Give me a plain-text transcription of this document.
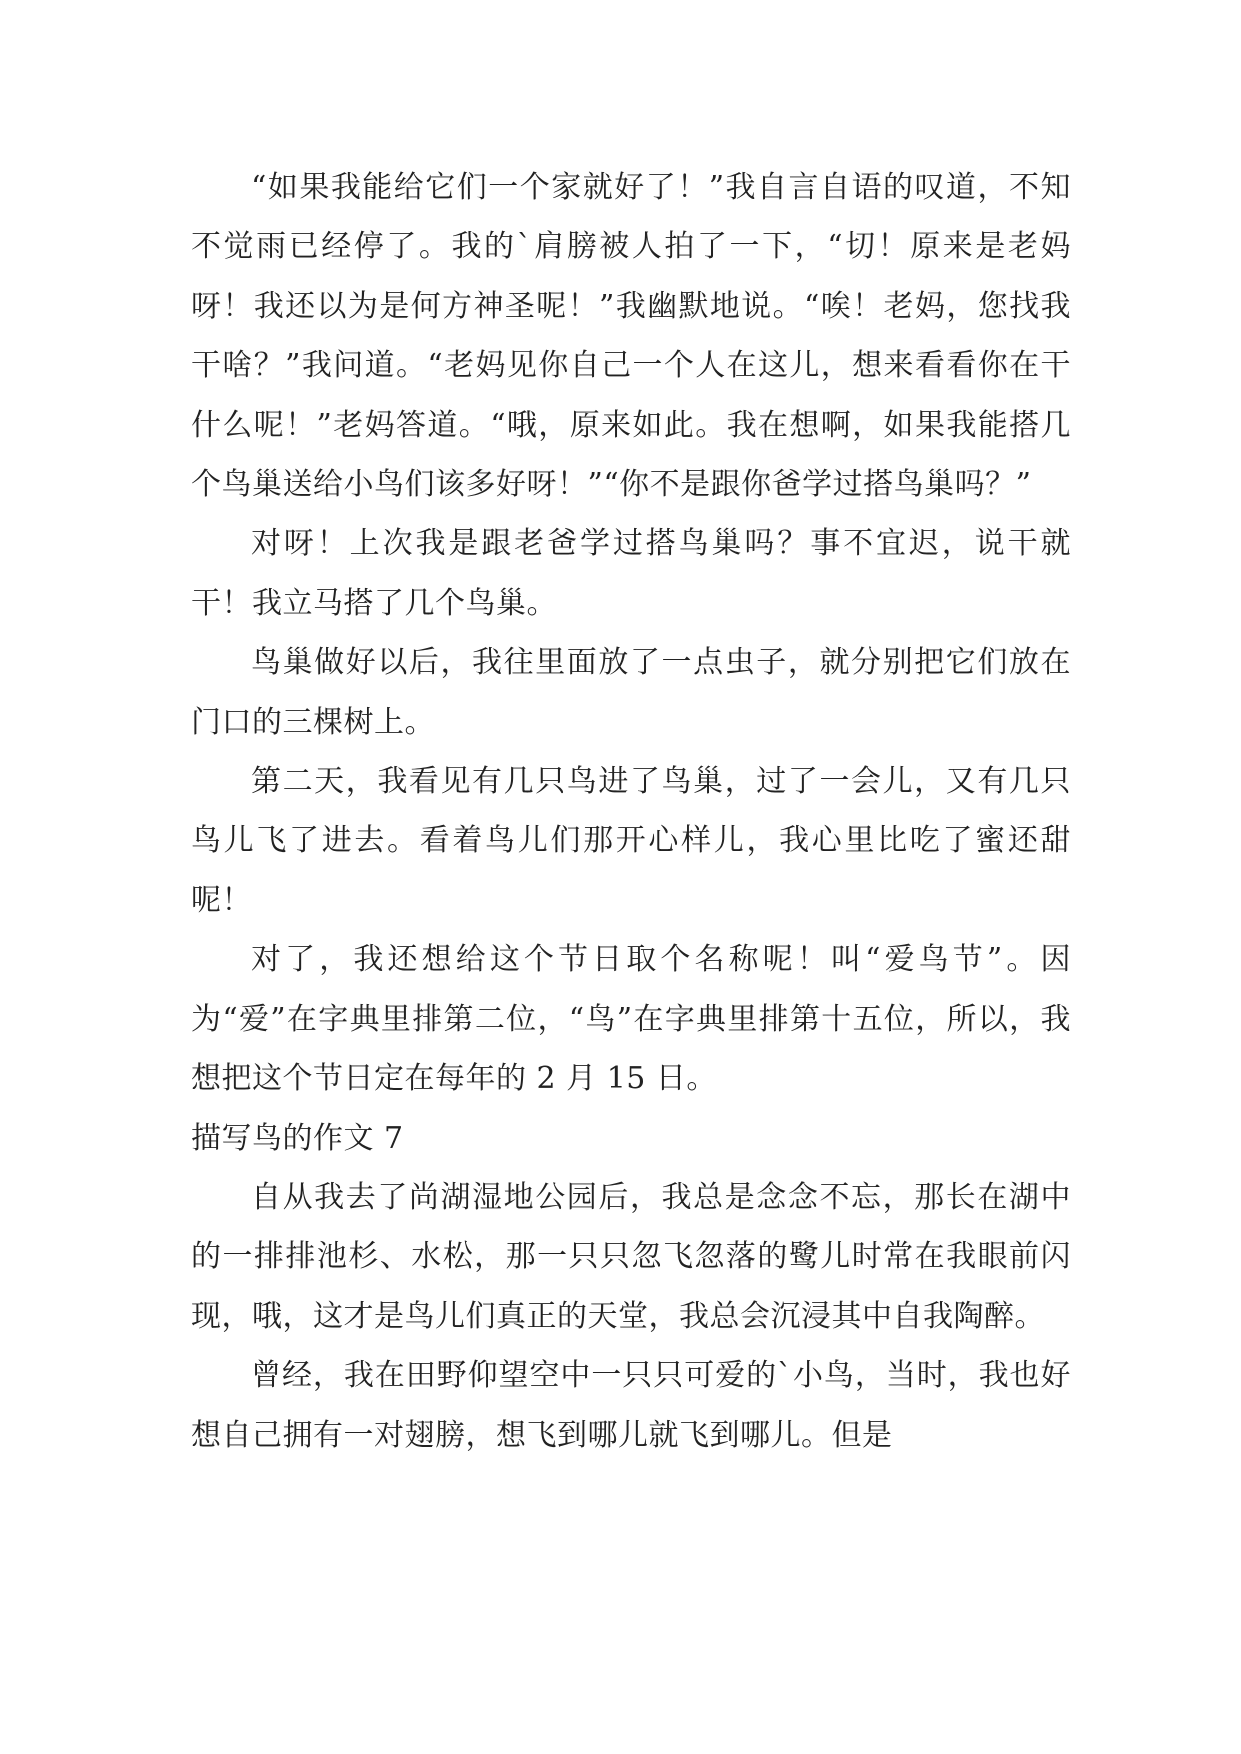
“如果我能给它们一个家就好了！”我自言自语的叹道，不知不觉雨已经停了。我的`肩膀被人拍了一下，“切！原来是老妈呀！我还以为是何方神圣呢！”我幽默地说。“唉！老妈，您找我干啥？”我问道。“老妈见你自己一个人在这儿，想来看看你在干什么呢！”老妈答道。“哦，原来如此。我在想啊，如果我能搭几个鸟巢送给小鸟们该多好呀！”“你不是跟你爸学过搭鸟巢吗？”

对呀！上次我是跟老爸学过搭鸟巢吗？事不宜迟，说干就干！我立马搭了几个鸟巢。

鸟巢做好以后，我往里面放了一点虫子，就分别把它们放在门口的三棵树上。

第二天，我看见有几只鸟进了鸟巢，过了一会儿，又有几只鸟儿飞了进去。看着鸟儿们那开心样儿，我心里比吃了蜜还甜呢！

对了，我还想给这个节日取个名称呢！叫“爱鸟节”。因为“爱”在字典里排第二位，“鸟”在字典里排第十五位，所以，我想把这个节日定在每年的 2 月 15 日。

描写鸟的作文 7

自从我去了尚湖湿地公园后，我总是念念不忘，那长在湖中的一排排池杉、水松，那一只只忽飞忽落的鹭儿时常在我眼前闪现，哦，这才是鸟儿们真正的天堂，我总会沉浸其中自我陶醉。

曾经，我在田野仰望空中一只只可爱的`小鸟，当时，我也好想自己拥有一对翅膀，想飞到哪儿就飞到哪儿。但是
